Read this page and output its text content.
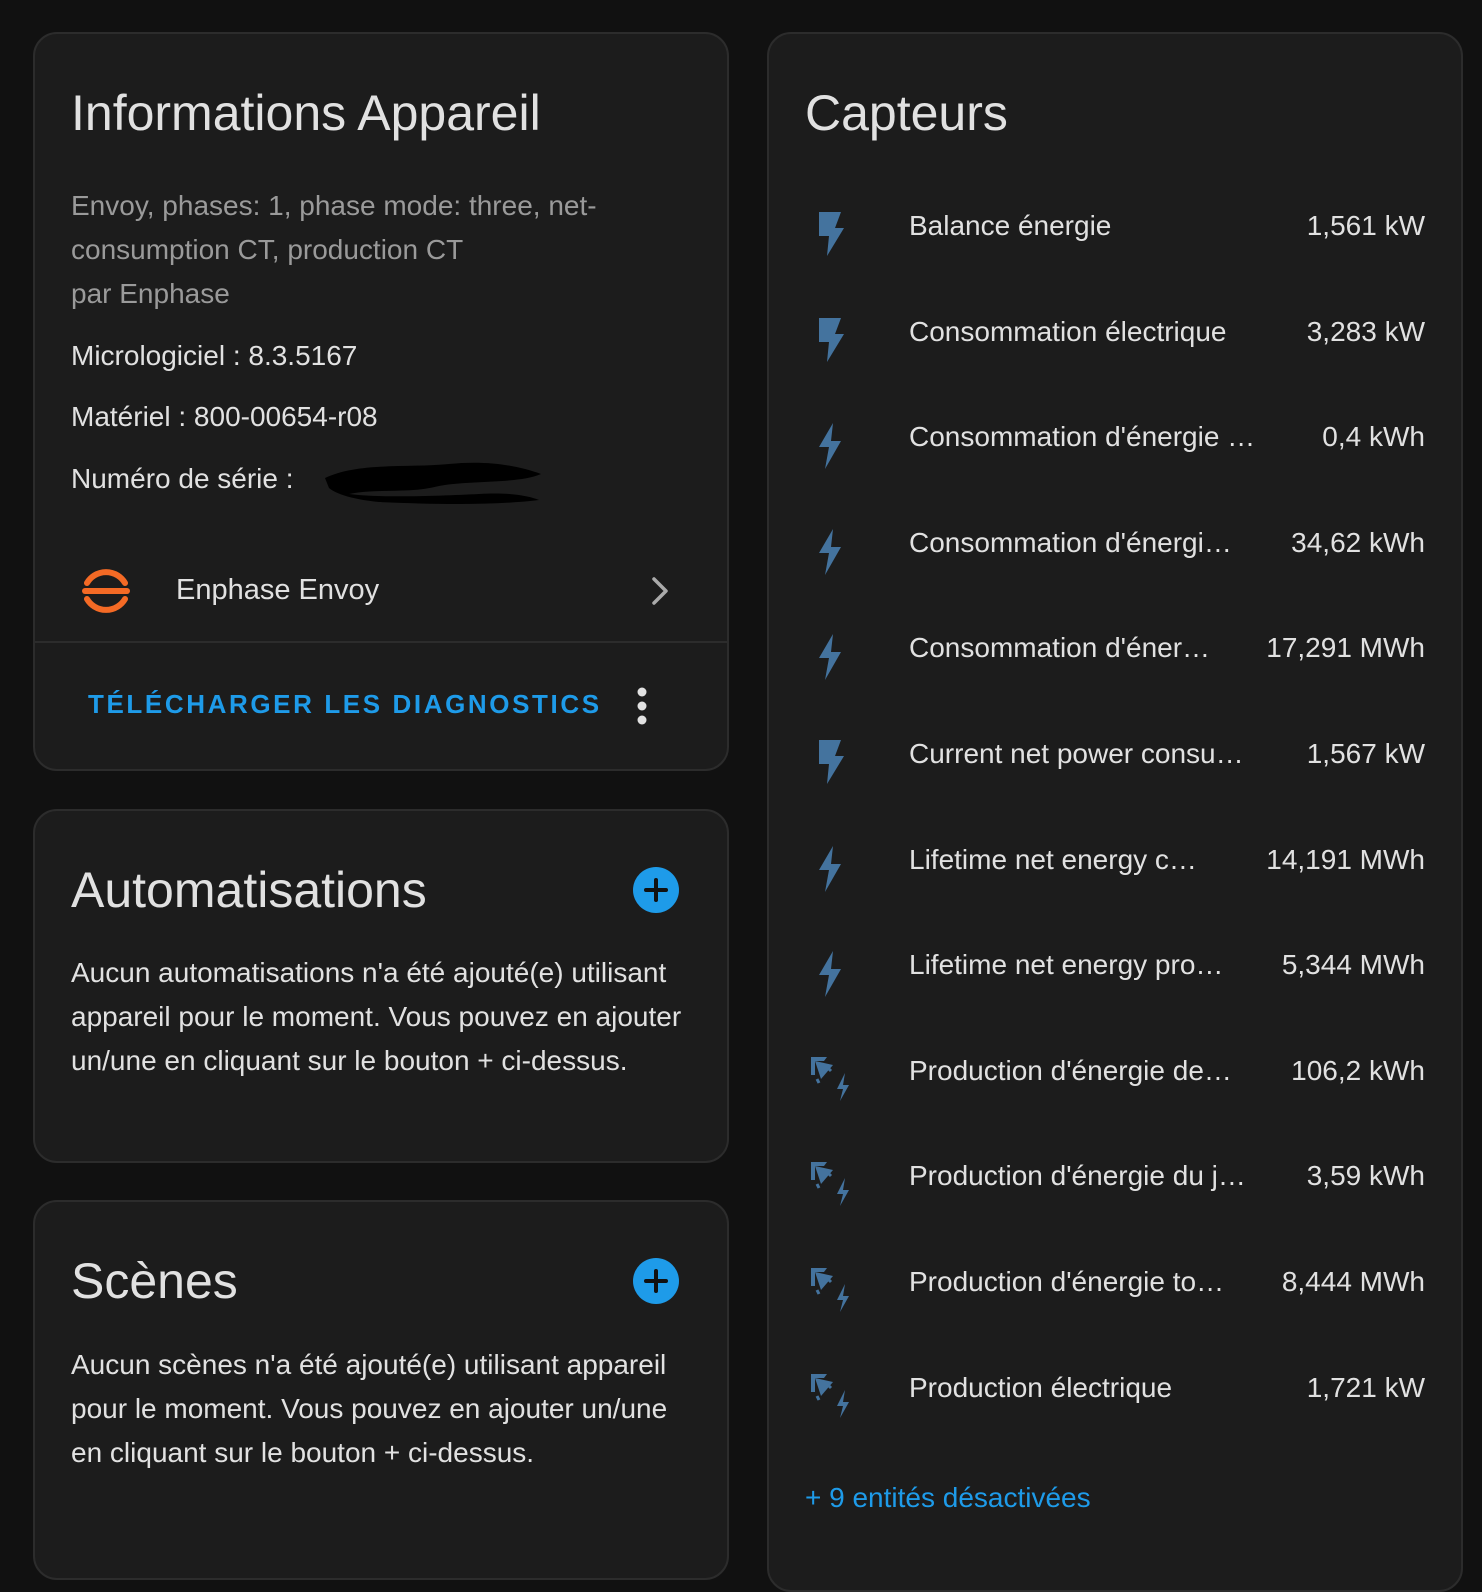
Informations Appareil
Envoy, phases: 1, phase mode: three, net-consumption CT, production CT
par Enphase
Micrologiciel : 8.3.5167
Matériel : 800-00654-r08
Numéro de série :
Enphase Envoy
TÉLÉCHARGER LES DIAGNOSTICS
Automatisations
Aucun automatisations n'a été ajouté(e) utilisant appareil pour le moment. Vous pouvez en ajouter un/une en cliquant sur le bouton + ci-dessus.
Scènes
Aucun scènes n'a été ajouté(e) utilisant appareil pour le moment. Vous pouvez en ajouter un/une en cliquant sur le bouton + ci-dessus.
Capteurs
Balance énergie	1,561 kW
Consommation électrique	3,283 kW
Consommation d'énergie … 0,4 kWh
Consommation d'énergi… 34,62 kWh
Consommation d'éner… 17,291 MWh
Current net power consu… 1,567 kW
Lifetime net energy c… 14,191 MWh
Lifetime net energy pro… 5,344 MWh
Production d'énergie de… 106,2 kWh
Production d'énergie du j… 3,59 kWh
Production d'énergie to… 8,444 MWh
Production électrique	1,721 kW
+ 9 entités désactivées
